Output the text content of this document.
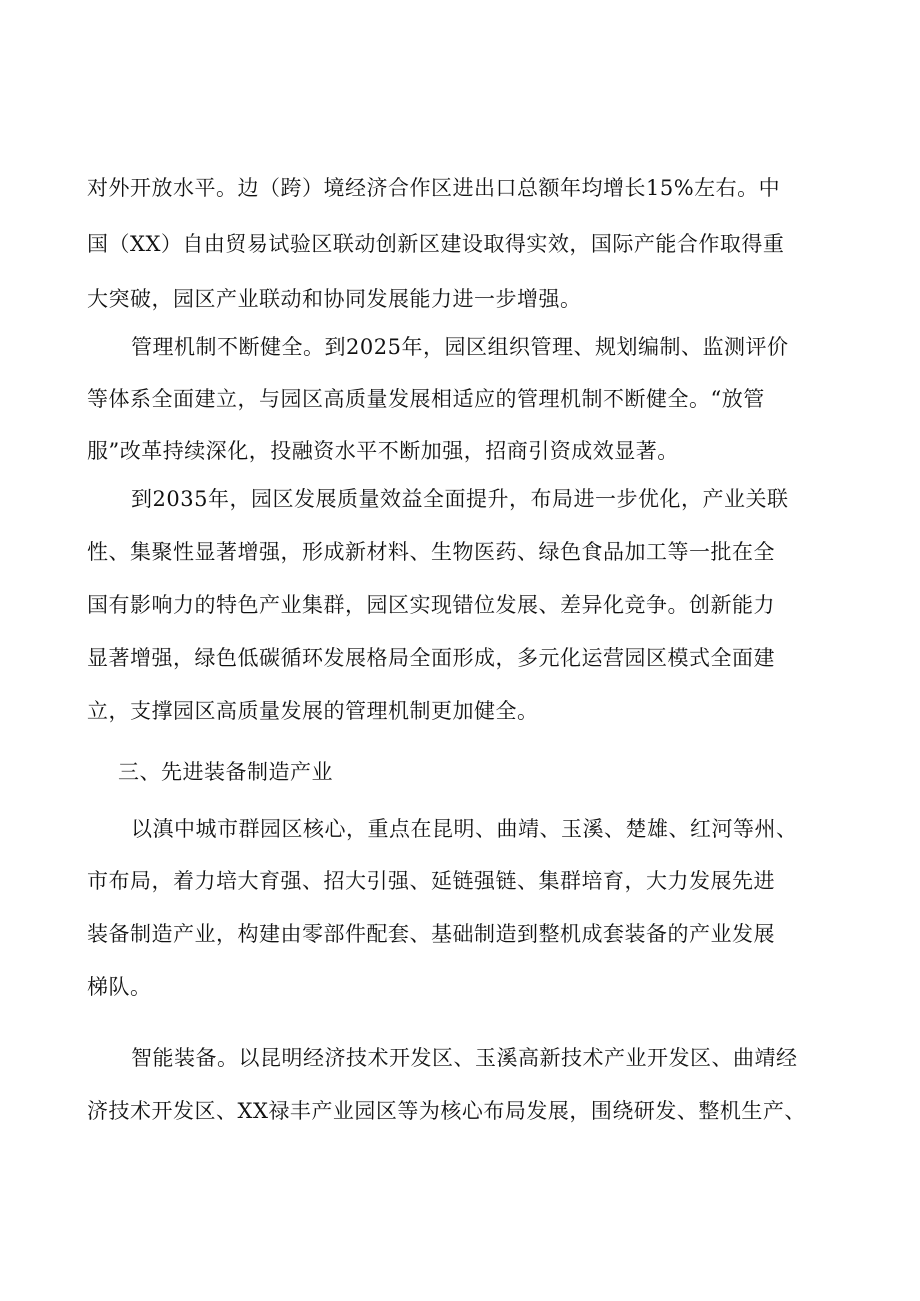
对外开放水平。边（跨）境经济合作区进出口总额年均增长15%左右。中
国（XX）自由贸易试验区联动创新区建设取得实效，国际产能合作取得重
大突破，园区产业联动和协同发展能力进一步增强。
管理机制不断健全。到2025年，园区组织管理、规划编制、监测评价
等体系全面建立，与园区高质量发展相适应的管理机制不断健全。“放管
服”改革持续深化，投融资水平不断加强，招商引资成效显著。
到2035年，园区发展质量效益全面提升，布局进一步优化，产业关联
性、集聚性显著增强，形成新材料、生物医药、绿色食品加工等一批在全
国有影响力的特色产业集群，园区实现错位发展、差异化竞争。创新能力
显著增强，绿色低碳循环发展格局全面形成，多元化运营园区模式全面建
立，支撑园区高质量发展的管理机制更加健全。
三、先进装备制造产业
以滇中城市群园区核心，重点在昆明、曲靖、玉溪、楚雄、红河等州、
市布局，着力培大育强、招大引强、延链强链、集群培育，大力发展先进
装备制造产业，构建由零部件配套、基础制造到整机成套装备的产业发展
梯队。
智能装备。以昆明经济技术开发区、玉溪高新技术产业开发区、曲靖经
济技术开发区、XX禄丰产业园区等为核心布局发展，围绕研发、整机生产、
